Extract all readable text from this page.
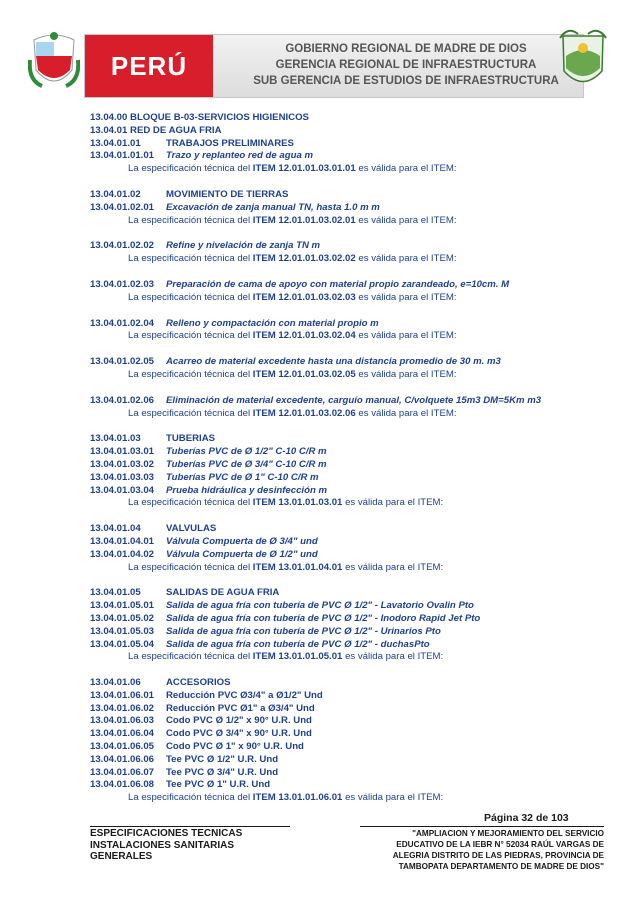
PERÚ
GOBIERNO REGIONAL DE MADRE DE DIOS
GERENCIA REGIONAL DE INFRAESTRUCTURA
SUB GERENCIA DE ESTUDIOS DE INFRAESTRUCTURA
13.04.00 BLOQUE B-03-SERVICIOS HIGIENICOS
13.04.01 RED DE AGUA FRIA
13.04.01.01	TRABAJOS PRELIMINARES
13.04.01.01.01 Trazo y replanteo red de agua m
La especificación técnica del ITEM 12.01.01.03.01.01 es válida para el ITEM:
13.04.01.02	MOVIMIENTO DE TIERRAS
13.04.01.02.01 Excavación de zanja manual TN, hasta 1.0 m m
La especificación técnica del ITEM 12.01.01.03.02.01 es válida para el ITEM:
13.04.01.02.02 Refine y nivelación de zanja TN m
La especificación técnica del ITEM 12.01.01.03.02.02 es válida para el ITEM:
13.04.01.02.03 Preparación de cama de apoyo con material propio zarandeado, e=10cm. M
La especificación técnica del ITEM 12.01.01.03.02.03 es válida para el ITEM:
13.04.01.02.04 Relleno y compactación con material propio m
La especificación técnica del ITEM 12.01.01.03.02.04 es válida para el ITEM:
13.04.01.02.05 Acarreo de material excedente hasta una distancia promedio de 30 m. m3
La especificación técnica del ITEM 12.01.01.03.02.05 es válida para el ITEM:
13.04.01.02.06 Eliminación de material excedente, carguío manual, C/volquete 15m3 DM=5Km m3
La especificación técnica del ITEM 12.01.01.03.02.06 es válida para el ITEM:
13.04.01.03	TUBERIAS
13.04.01.03.01 Tuberías PVC de Ø 1/2" C-10 C/R m
13.04.01.03.02 Tuberías PVC de Ø 3/4" C-10 C/R m
13.04.01.03.03 Tuberías PVC de Ø 1" C-10 C/R m
13.04.01.03.04 Prueba hidráulica y desinfección m
La especificación técnica del ITEM 13.01.01.03.01 es válida para el ITEM:
13.04.01.04	VALVULAS
13.04.01.04.01 Válvula Compuerta de Ø 3/4" und
13.04.01.04.02 Válvula Compuerta de Ø 1/2" und
La especificación técnica del ITEM 13.01.01.04.01 es válida para el ITEM:
13.04.01.05	SALIDAS DE AGUA FRIA
13.04.01.05.01 Salida de agua fría con tubería de PVC Ø 1/2" - Lavatorio Ovalin Pto
13.04.01.05.02 Salida de agua fría con tubería de PVC Ø 1/2" - Inodoro Rapid Jet Pto
13.04.01.05.03 Salida de agua fría con tubería de PVC Ø 1/2" - Urinarios Pto
13.04.01.05.04 Salida de agua fría con tubería de PVC Ø 1/2" - duchasPto
La especificación técnica del ITEM 13.01.01.05.01 es válida para el ITEM:
13.04.01.06	ACCESORIOS
13.04.01.06.01 Reducción PVC Ø3/4" a Ø1/2" Und
13.04.01.06.02 Reducción PVC Ø1" a Ø3/4" Und
13.04.01.06.03 Codo PVC Ø 1/2" x 90° U.R. Und
13.04.01.06.04 Codo PVC Ø 3/4" x 90° U.R. Und
13.04.01.06.05 Codo PVC Ø 1" x 90° U.R. Und
13.04.01.06.06 Tee PVC Ø 1/2" U.R. Und
13.04.01.06.07 Tee PVC Ø 3/4" U.R. Und
13.04.01.06.08 Tee PVC Ø 1" U.R. Und
La especificación técnica del ITEM 13.01.01.06.01 es válida para el ITEM:
Página 32 de 103
ESPECIFICACIONES TECNICAS
INSTALACIONES SANITARIAS
GENERALES
"AMPLIACION Y MEJORAMIENTO DEL SERVICIO
EDUCATIVO DE LA IEBR N° 52034 RAÚL VARGAS DE
ALEGRIA DISTRITO DE LAS PIEDRAS, PROVINCIA DE
TAMBOPATA DEPARTAMENTO DE MADRE DE DIOS"
